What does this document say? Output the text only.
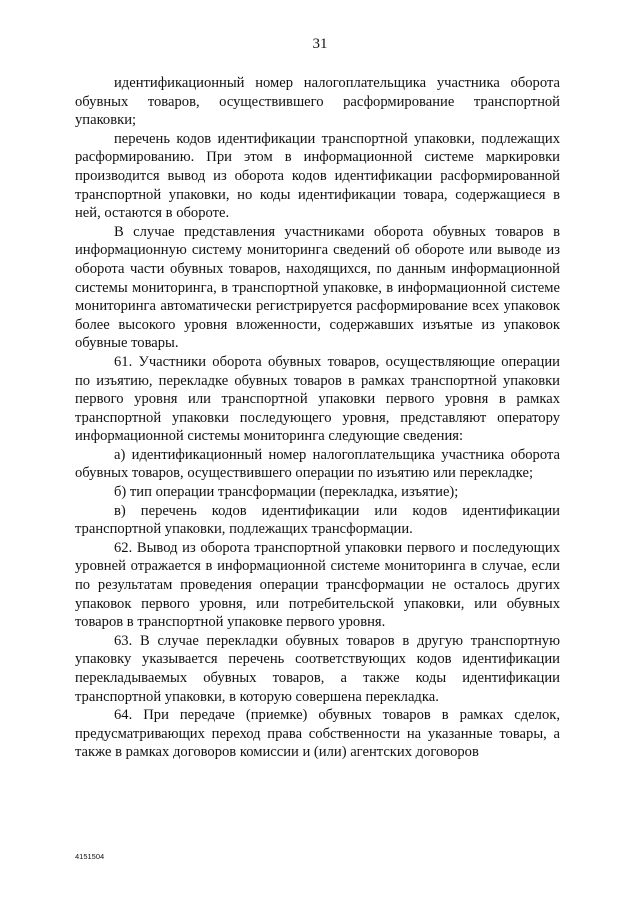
31

идентификационный номер налогоплательщика участника оборота обувных товаров, осуществившего расформирование транспортной упаковки;

перечень кодов идентификации транспортной упаковки, подлежащих расформированию. При этом в информационной системе маркировки производится вывод из оборота кодов идентификации расформированной транспортной упаковки, но коды идентификации товара, содержащиеся в ней, остаются в обороте.

В случае представления участниками оборота обувных товаров в информационную систему мониторинга сведений об обороте или выводе из оборота части обувных товаров, находящихся, по данным информационной системы мониторинга, в транспортной упаковке, в информационной системе мониторинга автоматически регистрируется расформирование всех упаковок более высокого уровня вложенности, содержавших изъятые из упаковок обувные товары.

61. Участники оборота обувных товаров, осуществляющие операции по изъятию, перекладке обувных товаров в рамках транспортной упаковки первого уровня или транспортной упаковки первого уровня в рамках транспортной упаковки последующего уровня, представляют оператору информационной системы мониторинга следующие сведения:

а) идентификационный номер налогоплательщика участника оборота обувных товаров, осуществившего операции по изъятию или перекладке;

б) тип операции трансформации (перекладка, изъятие);

в) перечень кодов идентификации или кодов идентификации транспортной упаковки, подлежащих трансформации.

62. Вывод из оборота транспортной упаковки первого и последующих уровней отражается в информационной системе мониторинга в случае, если по результатам проведения операции трансформации не осталось других упаковок первого уровня, или потребительской упаковки, или обувных товаров в транспортной упаковке первого уровня.

63. В случае перекладки обувных товаров в другую транспортную упаковку указывается перечень соответствующих кодов идентификации перекладываемых обувных товаров, а также коды идентификации транспортной упаковки, в которую совершена перекладка.

64. При передаче (приемке) обувных товаров в рамках сделок, предусматривающих переход права собственности на указанные товары, а также в рамках договоров комиссии и (или) агентских договоров

4151504
